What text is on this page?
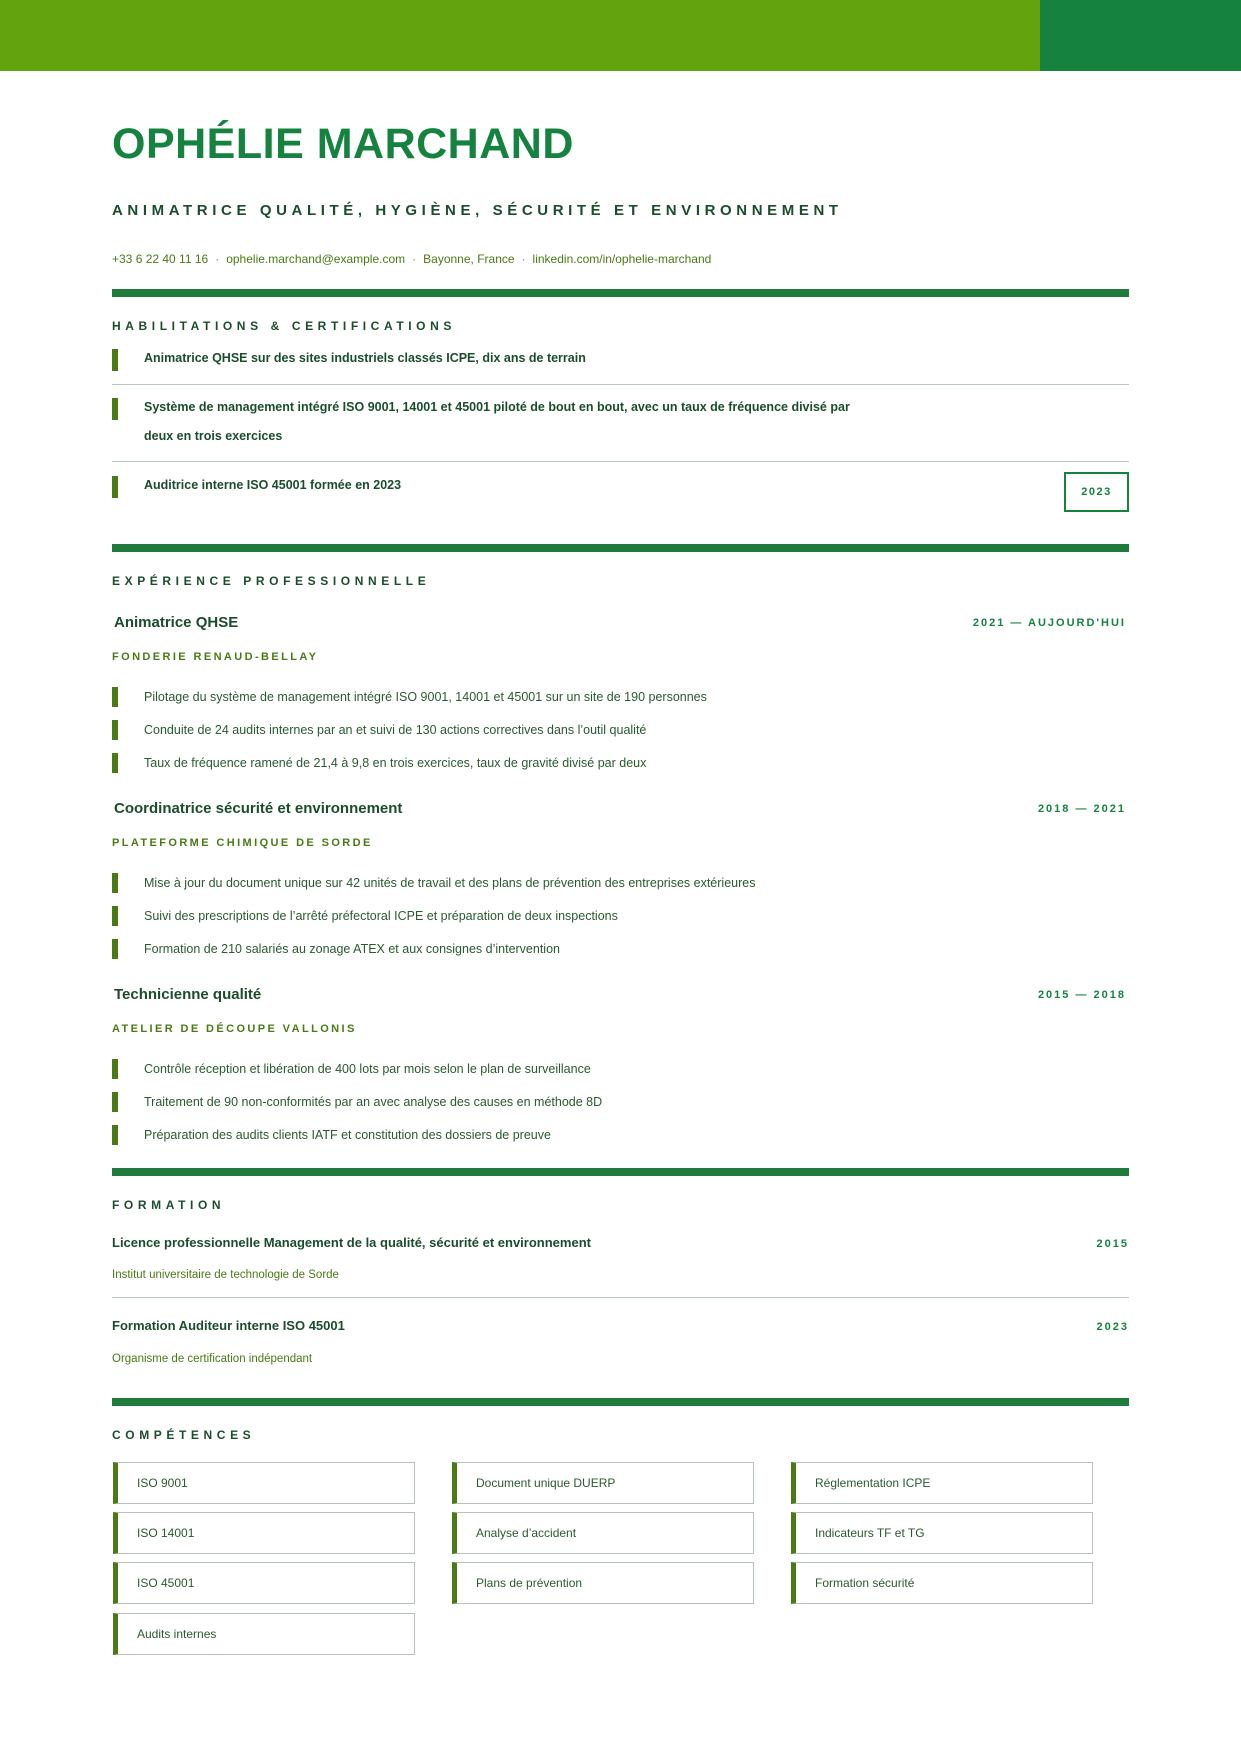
OPHÉLIE MARCHAND
ANIMATRICE QUALITÉ, HYGIÈNE, SÉCURITÉ ET ENVIRONNEMENT
+33 6 22 40 11 16 · ophelie.marchand@example.com · Bayonne, France · linkedin.com/in/ophelie-marchand
HABILITATIONS & CERTIFICATIONS
Animatrice QHSE sur des sites industriels classés ICPE, dix ans de terrain
Système de management intégré ISO 9001, 14001 et 45001 piloté de bout en bout, avec un taux de fréquence divisé par deux en trois exercices
Auditrice interne ISO 45001 formée en 2023	2023
EXPÉRIENCE PROFESSIONNELLE
Animatrice QHSE	2021 — AUJOURD'HUI
FONDERIE RENAUD-BELLAY
Pilotage du système de management intégré ISO 9001, 14001 et 45001 sur un site de 190 personnes
Conduite de 24 audits internes par an et suivi de 130 actions correctives dans l’outil qualité
Taux de fréquence ramené de 21,4 à 9,8 en trois exercices, taux de gravité divisé par deux
Coordinatrice sécurité et environnement	2018 — 2021
PLATEFORME CHIMIQUE DE SORDE
Mise à jour du document unique sur 42 unités de travail et des plans de prévention des entreprises extérieures
Suivi des prescriptions de l’arrêté préfectoral ICPE et préparation de deux inspections
Formation de 210 salariés au zonage ATEX et aux consignes d’intervention
Technicienne qualité	2015 — 2018
ATELIER DE DÉCOUPE VALLONIS
Contrôle réception et libération de 400 lots par mois selon le plan de surveillance
Traitement de 90 non-conformités par an avec analyse des causes en méthode 8D
Préparation des audits clients IATF et constitution des dossiers de preuve
FORMATION
Licence professionnelle Management de la qualité, sécurité et environnement	2015
Institut universitaire de technologie de Sorde
Formation Auditeur interne ISO 45001	2023
Organisme de certification indépendant
COMPÉTENCES
ISO 9001	Document unique DUERP	Réglementation ICPE
ISO 14001	Analyse d’accident	Indicateurs TF et TG
ISO 45001	Plans de prévention	Formation sécurité
Audits internes
